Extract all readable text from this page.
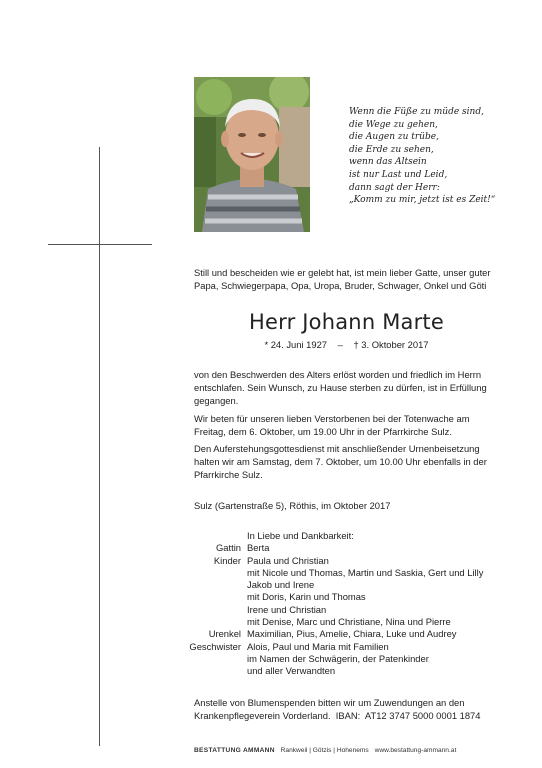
Wenn die Füße zu müde sind,
die Wege zu gehen,
die Augen zu trübe,
die Erde zu sehen,
wenn das Altsein
ist nur Last und Leid,
dann sagt der Herr:
„Komm zu mir, jetzt ist es Zeit!“
Still und bescheiden wie er gelebt hat, ist mein lieber Gatte, unser guter
Papa, Schwiegerpapa, Opa, Uropa, Bruder, Schwager, Onkel und Göti
Herr Johann Marte
* 24. Juni 1927 – † 3. Oktober 2017
von den Beschwerden des Alters erlöst worden und friedlich im Herrn
entschlafen. Sein Wunsch, zu Hause sterben zu dürfen, ist in Erfüllung
gegangen.
Wir beten für unseren lieben Verstorbenen bei der Totenwache am
Freitag, dem 6. Oktober, um 19.00 Uhr in der Pfarrkirche Sulz.
Den Auferstehungsgottesdienst mit anschließender Urnenbeisetzung
halten wir am Samstag, dem 7. Oktober, um 10.00 Uhr ebenfalls in der
Pfarrkirche Sulz.
Sulz (Gartenstraße 5), Röthis, im Oktober 2017
In Liebe und Dankbarkeit:
Gattin Berta
Kinder Paula und Christian
mit Nicole und Thomas, Martin und Saskia, Gert und Lilly
Jakob und Irene
mit Doris, Karin und Thomas
Irene und Christian
mit Denise, Marc und Christiane, Nina und Pierre
Urenkel Maximilian, Pius, Amelie, Chiara, Luke und Audrey
Geschwister Alois, Paul und Maria mit Familien
im Namen der Schwägerin, der Patenkinder
und aller Verwandten
Anstelle von Blumenspenden bitten wir um Zuwendungen an den
Krankenpflegeverein Vorderland.  IBAN:  AT12 3747 5000 0001 1874
BESTATTUNG AMMANN Rankweil | Götzis | Hohenems www.bestattung-ammann.at
